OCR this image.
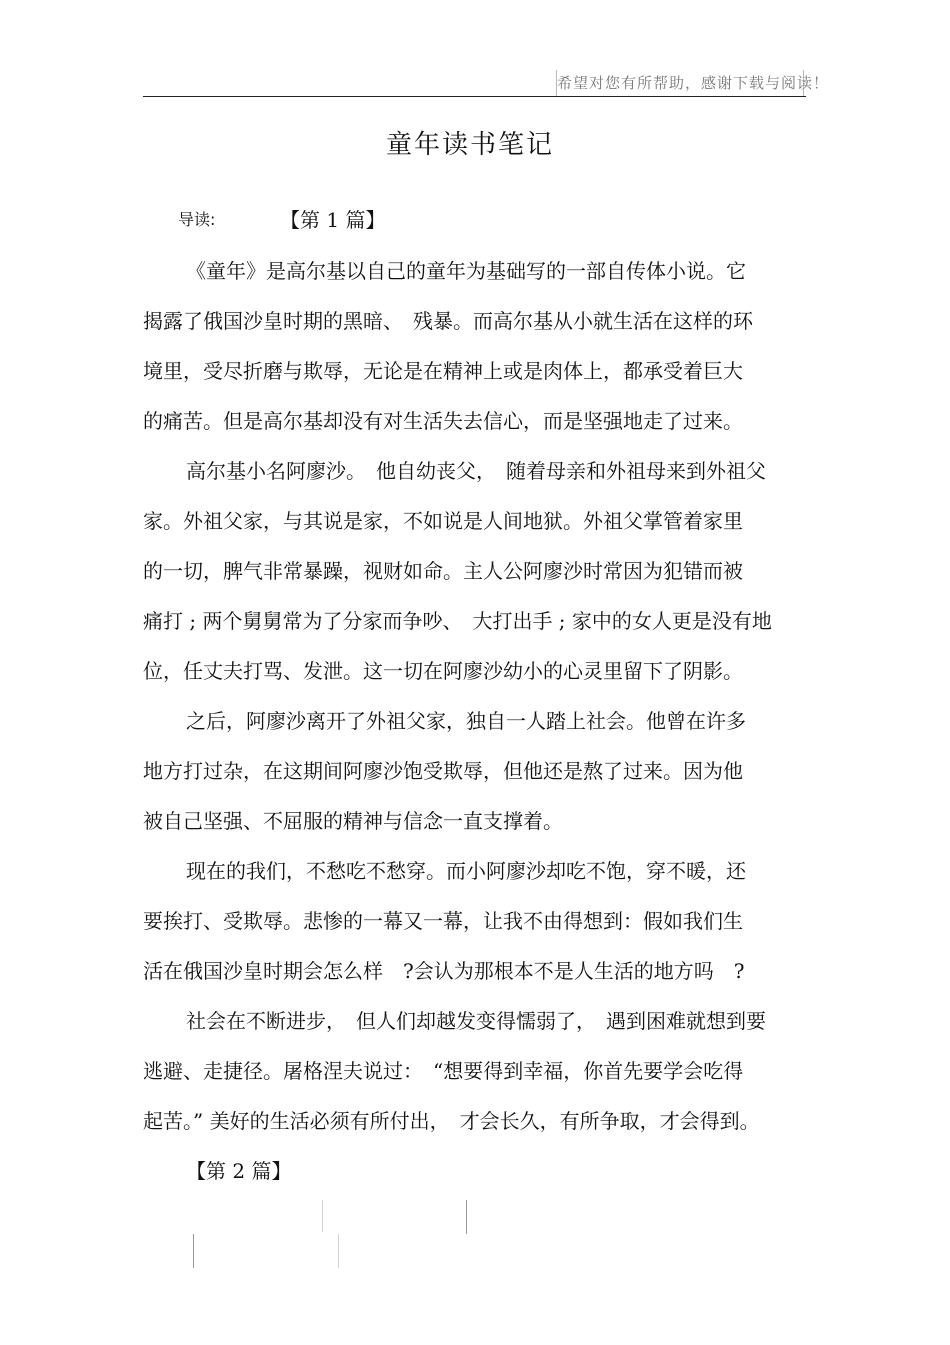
希望对您有所帮助，感谢下载与阅读！
童年读书笔记
导读:	【第 1 篇】
《童年》是高尔基以自己的童年为基础写的一部自传体小说。它
揭露了俄国沙皇时期的黑暗、　残暴。而高尔基从小就生活在这样的环
境里，受尽折磨与欺辱，无论是在精神上或是肉体上，都承受着巨大
的痛苦。但是高尔基却没有对生活失去信心，而是坚强地走了过来。
高尔基小名阿廖沙。　他自幼丧父，　随着母亲和外祖母来到外祖父
家。外祖父家，与其说是家，不如说是人间地狱。外祖父掌管着家里
的一切，脾气非常暴躁，视财如命。主人公阿廖沙时常因为犯错而被
痛打 ; 两个舅舅常为了分家而争吵、　大打出手 ; 家中的女人更是没有地
位，任丈夫打骂、发泄。这一切在阿廖沙幼小的心灵里留下了阴影。
之后，阿廖沙离开了外祖父家，独自一人踏上社会。他曾在许多
地方打过杂，在这期间阿廖沙饱受欺辱，但他还是熬了过来。因为他
被自己坚强、不屈服的精神与信念一直支撑着。
现在的我们，不愁吃不愁穿。而小阿廖沙却吃不饱，穿不暖，还
要挨打、受欺辱。悲惨的一幕又一幕，让我不由得想到：假如我们生
活在俄国沙皇时期会怎么样　?会认为那根本不是人生活的地方吗　?
社会在不断进步，　但人们却越发变得懦弱了，　遇到困难就想到要
逃避、走捷径。屠格涅夫说过：　“想要得到幸福，你首先要学会吃得
起苦。” 美好的生活必须有所付出，　才会长久，有所争取，才会得到。
【第 2 篇】
